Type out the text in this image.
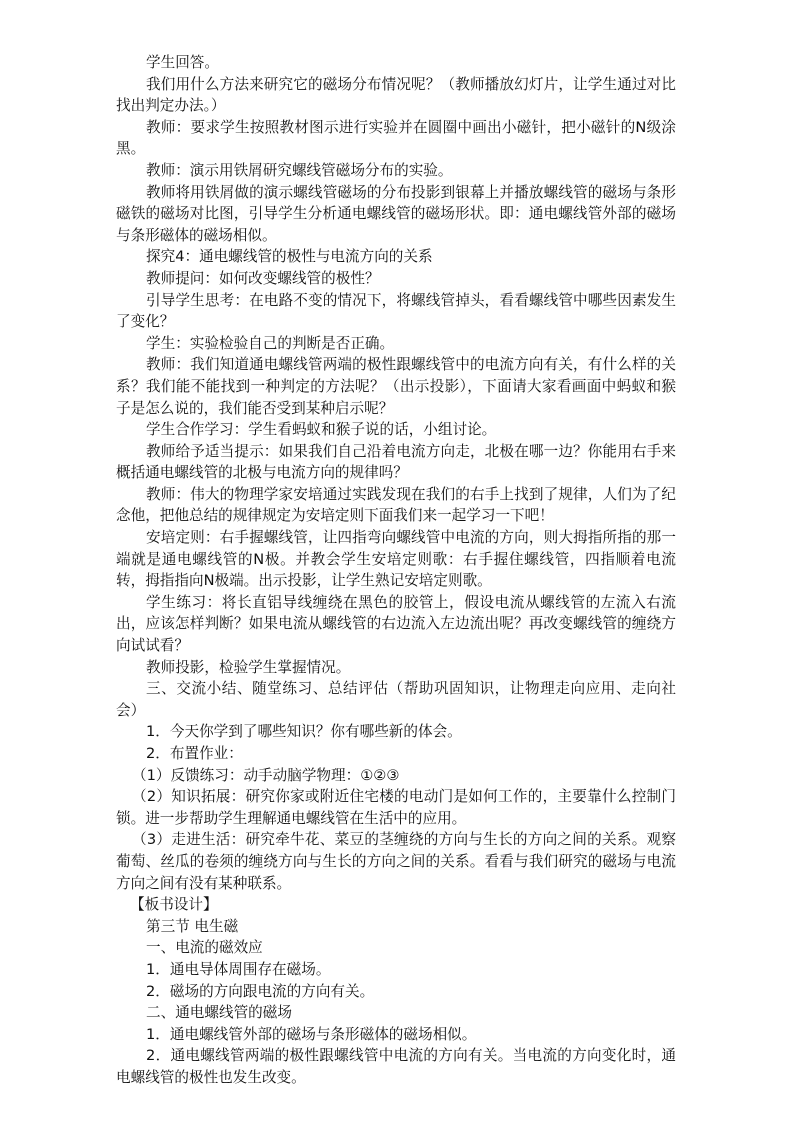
学生回答。

我们用什么方法来研究它的磁场分布情况呢？（教师播放幻灯片，让学生通过对比找出判定办法。）

教师：要求学生按照教材图示进行实验并在圆圈中画出小磁针，把小磁针的N级涂黑。

教师：演示用铁屑研究螺线管磁场分布的实验。

教师将用铁屑做的演示螺线管磁场的分布投影到银幕上并播放螺线管的磁场与条形磁铁的磁场对比图，引导学生分析通电螺线管的磁场形状。即：通电螺线管外部的磁场与条形磁体的磁场相似。

探究4：通电螺线管的极性与电流方向的关系

教师提问：如何改变螺线管的极性？

引导学生思考：在电路不变的情况下，将螺线管掉头，看看螺线管中哪些因素发生了变化？

学生：实验检验自己的判断是否正确。

教师：我们知道通电螺线管两端的极性跟螺线管中的电流方向有关，有什么样的关系？我们能不能找到一种判定的方法呢？（出示投影），下面请大家看画面中蚂蚁和猴子是怎么说的，我们能否受到某种启示呢？

学生合作学习：学生看蚂蚁和猴子说的话，小组讨论。

教师给予适当提示：如果我们自己沿着电流方向走，北极在哪一边？你能用右手来概括通电螺线管的北极与电流方向的规律吗？

教师：伟大的物理学家安培通过实践发现在我们的右手上找到了规律，人们为了纪念他，把他总结的规律规定为安培定则下面我们来一起学习一下吧！

安培定则：右手握螺线管，让四指弯向螺线管中电流的方向，则大拇指所指的那一端就是通电螺线管的N极。并教会学生安培定则歌：右手握住螺线管，四指顺着电流转，拇指指向N极端。出示投影，让学生熟记安培定则歌。

学生练习：将长直铝导线缠绕在黑色的胶管上，假设电流从螺线管的左流入右流出，应该怎样判断？如果电流从螺线管的右边流入左边流出呢？再改变螺线管的缠绕方向试试看？

教师投影，检验学生掌握情况。

三、交流小结、随堂练习、总结评估（帮助巩固知识，让物理走向应用、走向社会）

1．今天你学到了哪些知识？你有哪些新的体会。

2．布置作业：

（1）反馈练习：动手动脑学物理：①②③

（2）知识拓展：研究你家或附近住宅楼的电动门是如何工作的，主要靠什么控制门锁。进一步帮助学生理解通电螺线管在生活中的应用。

（3）走进生活：研究牵牛花、菜豆的茎缠绕的方向与生长的方向之间的关系。观察葡萄、丝瓜的卷须的缠绕方向与生长的方向之间的关系。看看与我们研究的磁场与电流方向之间有没有某种联系。

【板书设计】

第三节 电生磁

一、电流的磁效应

1．通电导体周围存在磁场。

2．磁场的方向跟电流的方向有关。

二、通电螺线管的磁场

1．通电螺线管外部的磁场与条形磁体的磁场相似。

2．通电螺线管两端的极性跟螺线管中电流的方向有关。当电流的方向变化时，通电螺线管的极性也发生改变。
